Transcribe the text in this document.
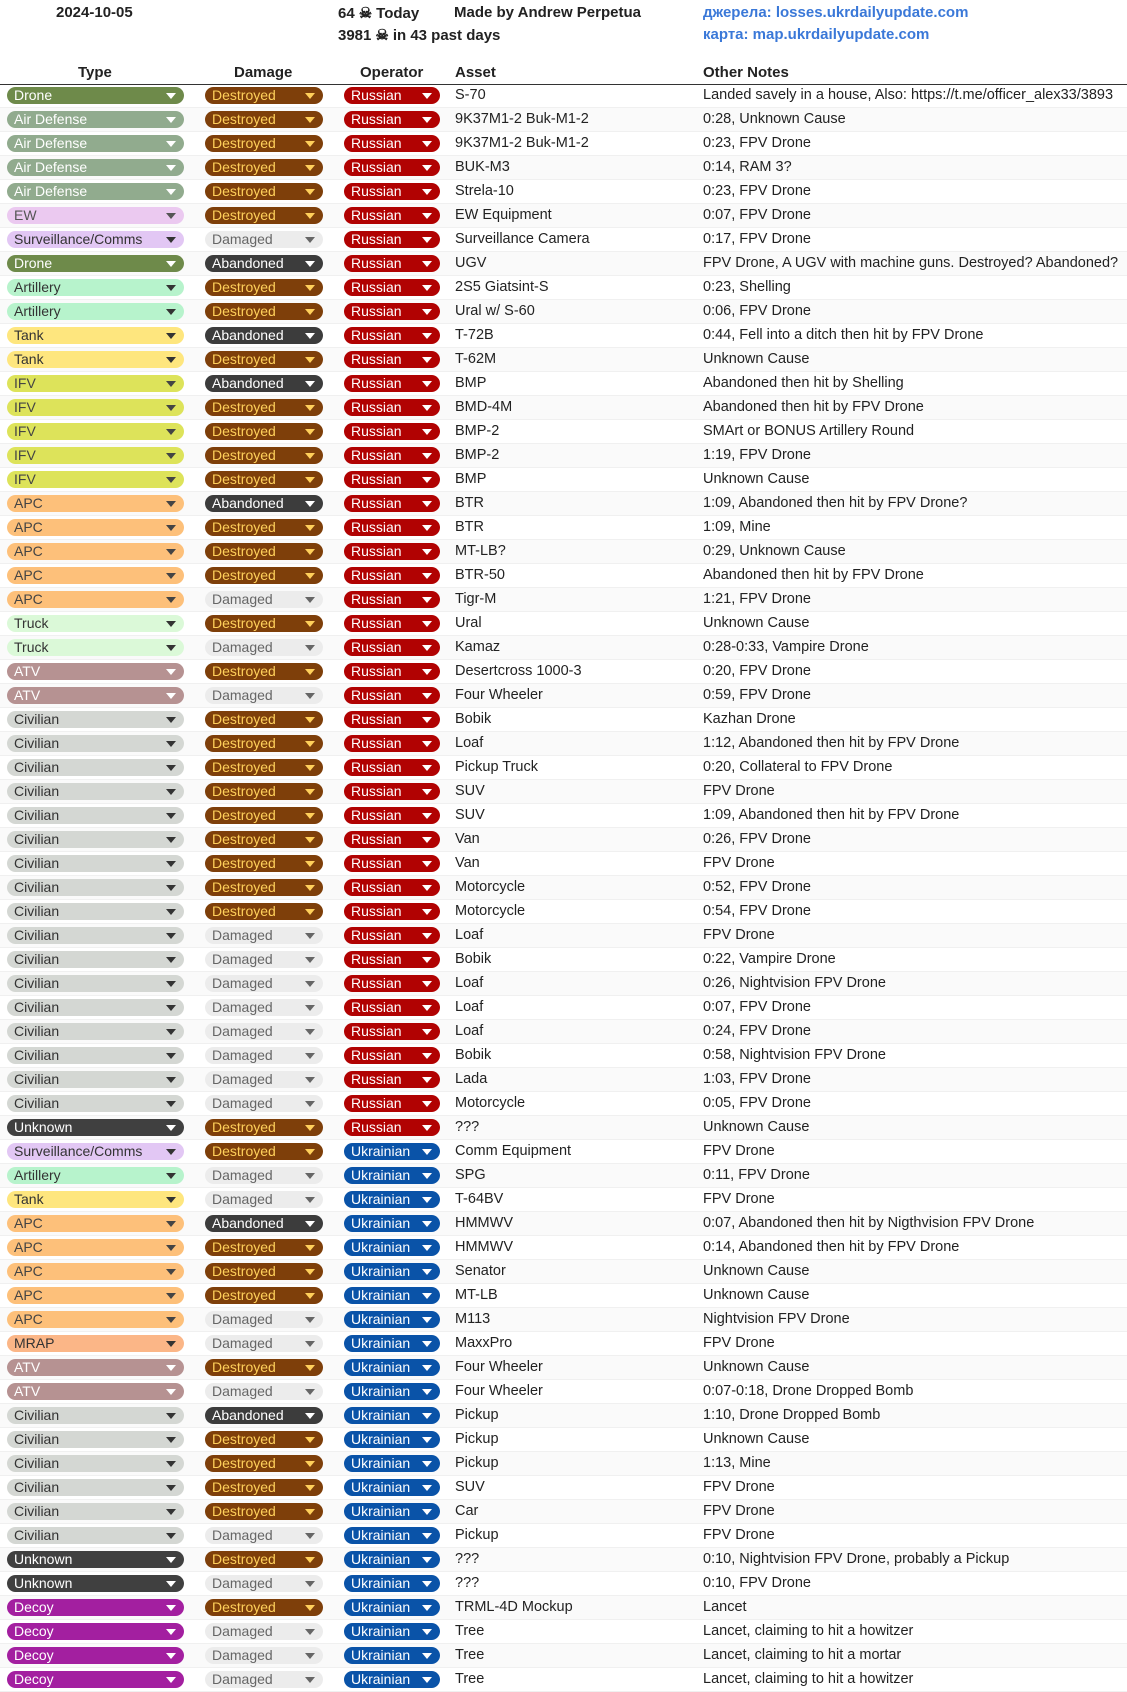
2024-10-05	64 ☠ Today
3981 ☠ in 43 past days
Made by Andrew Perpetua	джерела: losses.ukrdailyupdate.com
карта: map.ukrdailyupdate.com
Type	Damage	Operator Asset	Other Notes
Drone	Destroyed	Russian	S-70	Landed savely in a house, Also: https://t.me/officer_alex33/3893
Air Defense	Destroyed	Russian	9K37M1-2 Buk-M1-2	0:28, Unknown Cause
Air Defense	Destroyed	Russian	9K37M1-2 Buk-M1-2	0:23, FPV Drone
Air Defense	Destroyed	Russian	BUK-M3	0:14, RAM 3?
Air Defense	Destroyed	Russian	Strela-10	0:23, FPV Drone
EW	Destroyed	Russian	EW Equipment	0:07, FPV Drone
Surveillance/Comms	Damaged	Russian	Surveillance Camera	0:17, FPV Drone
Drone	Abandoned	Russian	UGV	FPV Drone, A UGV with machine guns. Destroyed? Abandoned?
Artillery	Destroyed	Russian	2S5 Giatsint-S	0:23, Shelling
Artillery	Destroyed	Russian	Ural w/ S-60	0:06, FPV Drone
Tank	Abandoned	Russian	T-72B	0:44, Fell into a ditch then hit by FPV Drone
Tank	Destroyed	Russian	T-62M	Unknown Cause
IFV	Abandoned	Russian	BMP	Abandoned then hit by Shelling
IFV	Destroyed	Russian	BMD-4M	Abandoned then hit by FPV Drone
IFV	Destroyed	Russian	BMP-2	SMArt or BONUS Artillery Round
IFV	Destroyed	Russian	BMP-2	1:19, FPV Drone
IFV	Destroyed	Russian	BMP	Unknown Cause
APC	Abandoned	Russian	BTR	1:09, Abandoned then hit by FPV Drone?
APC	Destroyed	Russian	BTR	1:09, Mine
APC	Destroyed	Russian	MT-LB?	0:29, Unknown Cause
APC	Destroyed	Russian	BTR-50	Abandoned then hit by FPV Drone
APC	Damaged	Russian	Tigr-M	1:21, FPV Drone
Truck	Destroyed	Russian	Ural	Unknown Cause
Truck	Damaged	Russian	Kamaz	0:28-0:33, Vampire Drone
ATV	Destroyed	Russian	Desertcross 1000-3	0:20, FPV Drone
ATV	Damaged	Russian	Four Wheeler	0:59, FPV Drone
Civilian	Destroyed	Russian	Bobik	Kazhan Drone
Civilian	Destroyed	Russian	Loaf	1:12, Abandoned then hit by FPV Drone
Civilian	Destroyed	Russian	Pickup Truck	0:20, Collateral to FPV Drone
Civilian	Destroyed	Russian	SUV	FPV Drone
Civilian	Destroyed	Russian	SUV	1:09, Abandoned then hit by FPV Drone
Civilian	Destroyed	Russian	Van	0:26, FPV Drone
Civilian	Destroyed	Russian	Van	FPV Drone
Civilian	Destroyed	Russian	Motorcycle	0:52, FPV Drone
Civilian	Destroyed	Russian	Motorcycle	0:54, FPV Drone
Civilian	Damaged	Russian	Loaf	FPV Drone
Civilian	Damaged	Russian	Bobik	0:22, Vampire Drone
Civilian	Damaged	Russian	Loaf	0:26, Nightvision FPV Drone
Civilian	Damaged	Russian	Loaf	0:07, FPV Drone
Civilian	Damaged	Russian	Loaf	0:24, FPV Drone
Civilian	Damaged	Russian	Bobik	0:58, Nightvision FPV Drone
Civilian	Damaged	Russian	Lada	1:03, FPV Drone
Civilian	Damaged	Russian	Motorcycle	0:05, FPV Drone
Unknown	Destroyed	Russian	???	Unknown Cause
Surveillance/Comms	Destroyed	Ukrainian	Comm Equipment	FPV Drone
Artillery	Damaged	Ukrainian	SPG	0:11, FPV Drone
Tank	Damaged	Ukrainian	T-64BV	FPV Drone
APC	Abandoned	Ukrainian	HMMWV	0:07, Abandoned then hit by Nigthvision FPV Drone
APC	Destroyed	Ukrainian	HMMWV	0:14, Abandoned then hit by FPV Drone
APC	Destroyed	Ukrainian	Senator	Unknown Cause
APC	Destroyed	Ukrainian	MT-LB	Unknown Cause
APC	Damaged	Ukrainian	M113	Nightvision FPV Drone
MRAP	Damaged	Ukrainian	MaxxPro	FPV Drone
ATV	Destroyed	Ukrainian	Four Wheeler	Unknown Cause
ATV	Damaged	Ukrainian	Four Wheeler	0:07-0:18, Drone Dropped Bomb
Civilian	Abandoned	Ukrainian	Pickup	1:10, Drone Dropped Bomb
Civilian	Destroyed	Ukrainian	Pickup	Unknown Cause
Civilian	Destroyed	Ukrainian	Pickup	1:13, Mine
Civilian	Destroyed	Ukrainian	SUV	FPV Drone
Civilian	Destroyed	Ukrainian	Car	FPV Drone
Civilian	Damaged	Ukrainian	Pickup	FPV Drone
Unknown	Destroyed	Ukrainian	???	0:10, Nightvision FPV Drone, probably a Pickup
Unknown	Damaged	Ukrainian	???	0:10, FPV Drone
Decoy	Destroyed	Ukrainian	TRML-4D Mockup	Lancet
Decoy	Damaged	Ukrainian	Tree	Lancet, claiming to hit a howitzer
Decoy	Damaged	Ukrainian	Tree	Lancet, claiming to hit a mortar
Decoy	Damaged	Ukrainian	Tree	Lancet, claiming to hit a howitzer
